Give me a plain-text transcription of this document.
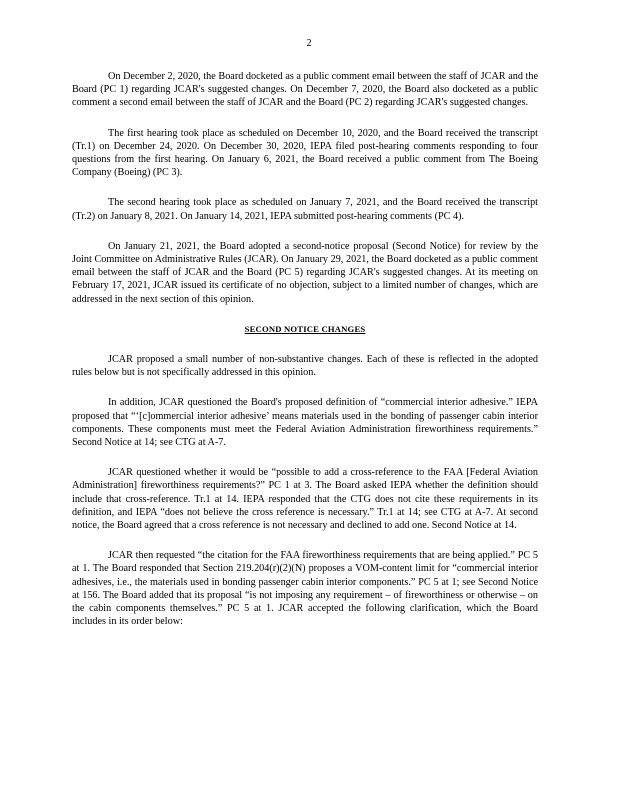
2

On December 2, 2020, the Board docketed as a public comment email between the staff of JCAR and the Board (PC 1) regarding JCAR's suggested changes. On December 7, 2020, the Board also docketed as a public comment a second email between the staff of JCAR and the Board (PC 2) regarding JCAR's suggested changes.

The first hearing took place as scheduled on December 10, 2020, and the Board received the transcript (Tr.1) on December 24, 2020. On December 30, 2020, IEPA filed post-hearing comments responding to four questions from the first hearing. On January 6, 2021, the Board received a public comment from The Boeing Company (Boeing) (PC 3).

The second hearing took place as scheduled on January 7, 2021, and the Board received the transcript (Tr.2) on January 8, 2021. On January 14, 2021, IEPA submitted post-hearing comments (PC 4).

On January 21, 2021, the Board adopted a second-notice proposal (Second Notice) for review by the Joint Committee on Administrative Rules (JCAR). On January 29, 2021, the Board docketed as a public comment email between the staff of JCAR and the Board (PC 5) regarding JCAR's suggested changes. At its meeting on February 17, 2021, JCAR issued its certificate of no objection, subject to a limited number of changes, which are addressed in the next section of this opinion.

SECOND NOTICE CHANGES

JCAR proposed a small number of non-substantive changes. Each of these is reflected in the adopted rules below but is not specifically addressed in this opinion.

In addition, JCAR questioned the Board's proposed definition of “commercial interior adhesive.” IEPA proposed that “‘[c]ommercial interior adhesive’ means materials used in the bonding of passenger cabin interior components. These components must meet the Federal Aviation Administration fireworthiness requirements.” Second Notice at 14; see CTG at A-7.

JCAR questioned whether it would be “possible to add a cross-reference to the FAA [Federal Aviation Administration] fireworthiness requirements?” PC 1 at 3. The Board asked IEPA whether the definition should include that cross-reference. Tr.1 at 14. IEPA responded that the CTG does not cite these requirements in its definition, and IEPA “does not believe the cross reference is necessary.” Tr.1 at 14; see CTG at A-7. At second notice, the Board agreed that a cross reference is not necessary and declined to add one. Second Notice at 14.

JCAR then requested “the citation for the FAA fireworthiness requirements that are being applied.” PC 5 at 1. The Board responded that Section 219.204(r)(2)(N) proposes a VOM-content limit for “commercial interior adhesives, i.e., the materials used in bonding passenger cabin interior components.” PC 5 at 1; see Second Notice at 156. The Board added that its proposal “is not imposing any requirement – of fireworthiness or otherwise – on the cabin components themselves.” PC 5 at 1. JCAR accepted the following clarification, which the Board includes in its order below:
